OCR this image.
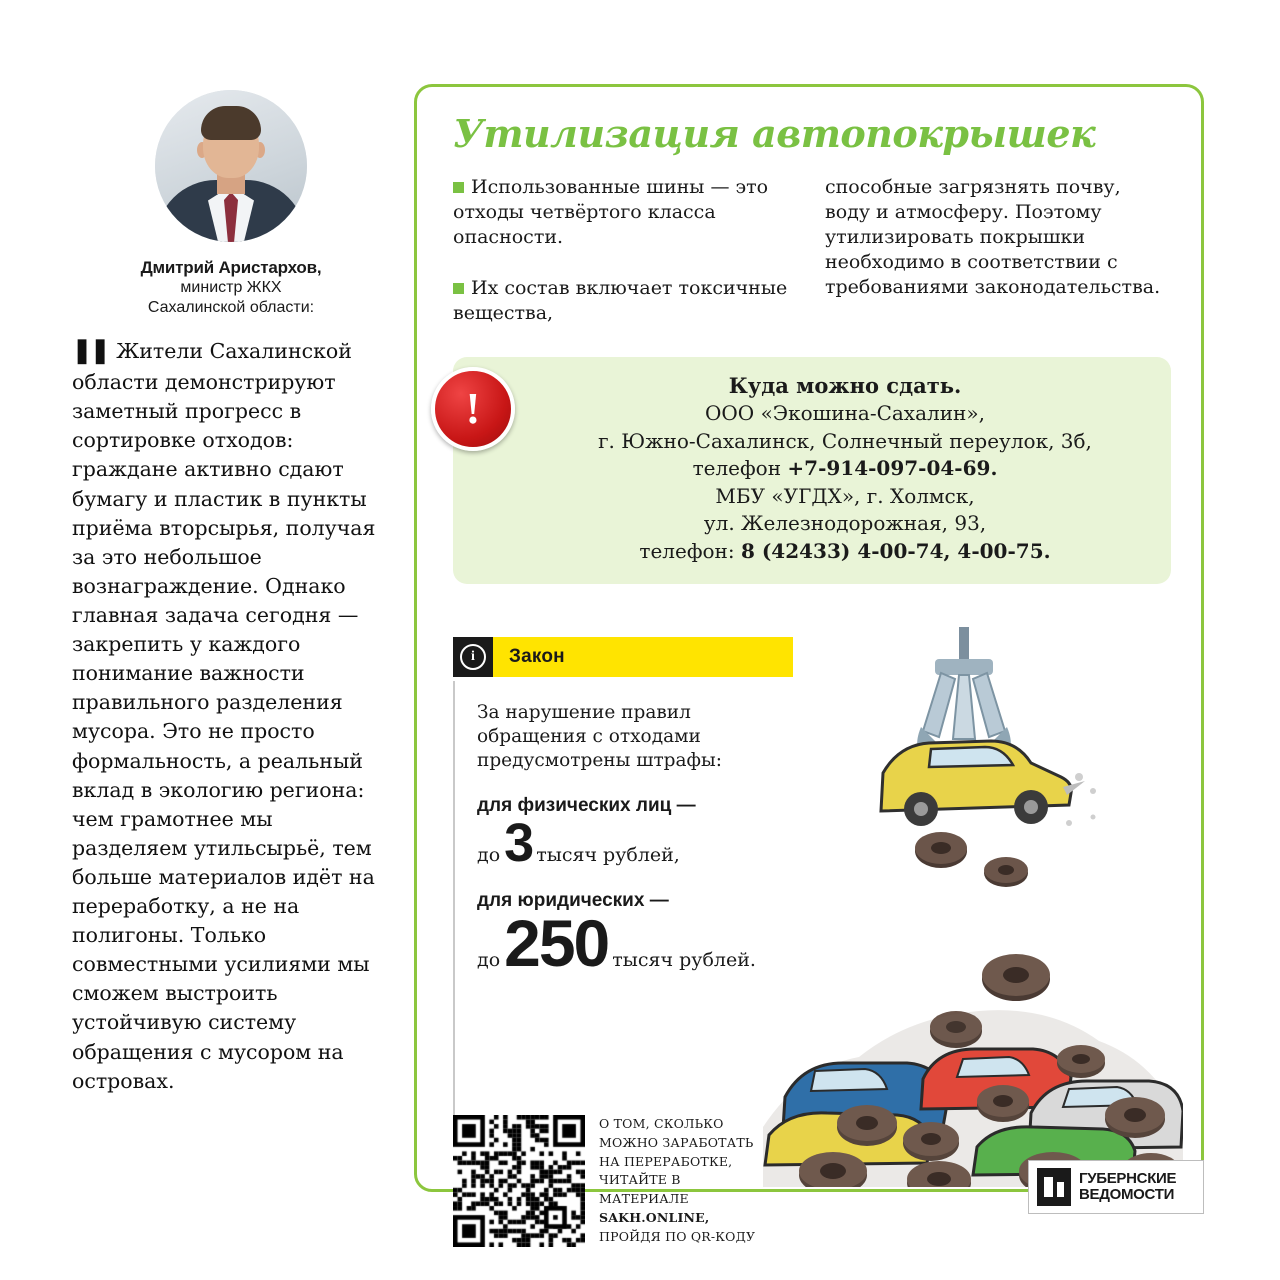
Дмитрий Аристархов,
министр ЖКХ
Сахалинской области:
❚❚ Жители Сахалинской области демонстрируют заметный прогресс в сортировке отходов: граждане активно сдают бумагу и пластик в пункты приёма вторсырья, получая за это небольшое вознаграждение. Однако главная задача сегодня — закрепить у каждого понимание важности правильного разделения мусора. Это не просто формальность, а реальный вклад в экологию региона: чем грамотнее мы разделяем утильсырьё, тем больше материалов идёт на переработку, а не на полигоны. Только совместными усилиями мы сможем выстроить устойчивую систему обращения с мусором на островах.
Утилизация автопокрышек
Использованные шины — это отходы четвёртого класса опасности.
Их состав включает токсичные вещества,
способные загрязнять почву, воду и атмосферу. Поэтому утилизировать покрышки необходимо в соответствии с требованиями законодательства.
!	Куда можно сдать.
ООО «Экошина-Сахалин»,
г. Южно-Сахалинск, Солнечный переулок, 3б,
телефон +7-914-097-04-69.
МБУ «УГДХ», г. Холмск,
ул. Железнодорожная, 93,
телефон: 8 (42433) 4-00-74, 4-00-75.
i	Закон
За нарушение правил обращения с отходами предусмотрены штрафы:
для физических лиц —
до 3 тысяч рублей,
для юридических —
до 250 тысяч рублей.
О ТОМ, СКОЛЬКО
МОЖНО ЗАРАБОТАТЬ
НА ПЕРЕРАБОТКЕ,
ЧИТАЙТЕ В МАТЕРИАЛЕ
SAKH.ONLINE,
ПРОЙДЯ ПО QR-КОДУ
ГУБЕРНСКИЕ
ВЕДОМОСТИ
